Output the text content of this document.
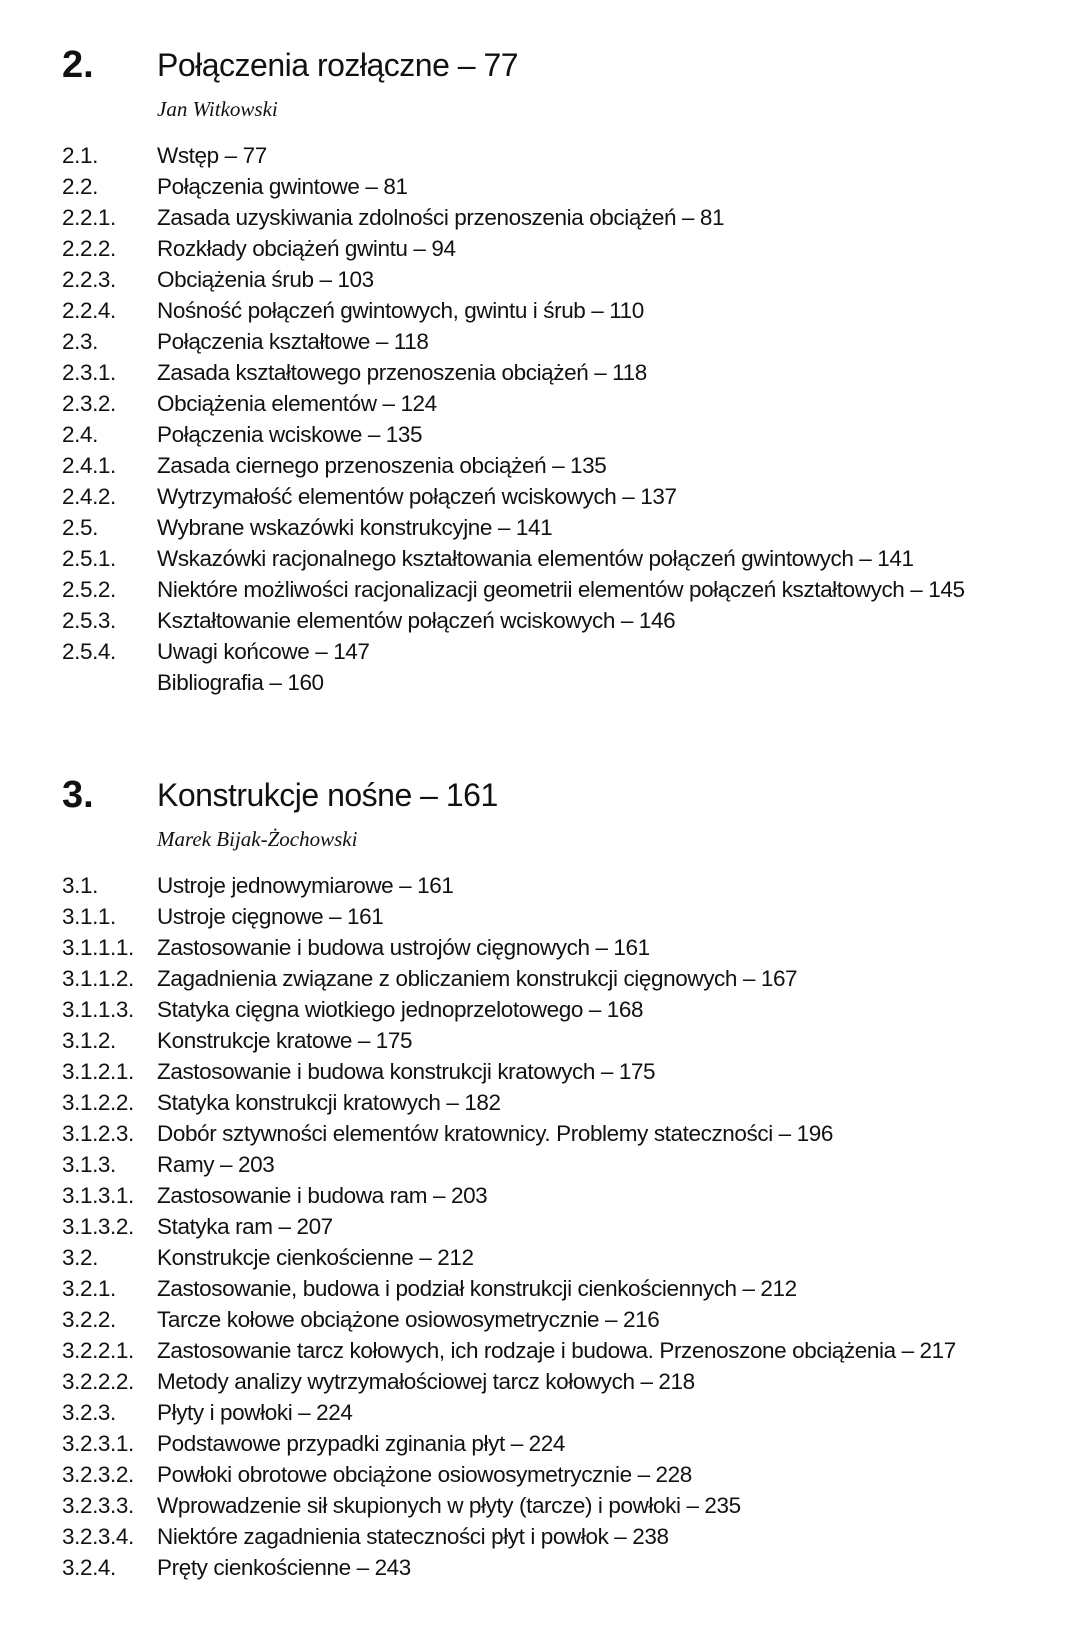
2. Połączenia rozłączne – 77
Jan Witkowski
2.1.	Wstęp – 77
2.2.	Połączenia gwintowe – 81
2.2.1.	Zasada uzyskiwania zdolności przenoszenia obciążeń – 81
2.2.2.	Rozkłady obciążeń gwintu – 94
2.2.3.	Obciążenia śrub – 103
2.2.4.	Nośność połączeń gwintowych, gwintu i śrub – 110
2.3.	Połączenia kształtowe – 118
2.3.1.	Zasada kształtowego przenoszenia obciążeń – 118
2.3.2.	Obciążenia elementów – 124
2.4.	Połączenia wciskowe – 135
2.4.1.	Zasada ciernego przenoszenia obciążeń – 135
2.4.2.	Wytrzymałość elementów połączeń wciskowych – 137
2.5.	Wybrane wskazówki konstrukcyjne – 141
2.5.1.	Wskazówki racjonalnego kształtowania elementów połączeń gwintowych – 141
2.5.2.	Niektóre możliwości racjonalizacji geometrii elementów połączeń kształtowych – 145
2.5.3.	Kształtowanie elementów połączeń wciskowych – 146
2.5.4.	Uwagi końcowe – 147
Bibliografia – 160
3. Konstrukcje nośne – 161
Marek Bijak-Żochowski
3.1.	Ustroje jednowymiarowe – 161
3.1.1.	Ustroje cięgnowe – 161
3.1.1.1.	Zastosowanie i budowa ustrojów cięgnowych – 161
3.1.1.2.	Zagadnienia związane z obliczaniem konstrukcji cięgnowych – 167
3.1.1.3.	Statyka cięgna wiotkiego jednoprzelotowego – 168
3.1.2.	Konstrukcje kratowe – 175
3.1.2.1.	Zastosowanie i budowa konstrukcji kratowych – 175
3.1.2.2.	Statyka konstrukcji kratowych – 182
3.1.2.3.	Dobór sztywności elementów kratownicy. Problemy stateczności – 196
3.1.3.	Ramy – 203
3.1.3.1.	Zastosowanie i budowa ram – 203
3.1.3.2.	Statyka ram – 207
3.2.	Konstrukcje cienkościenne – 212
3.2.1.	Zastosowanie, budowa i podział konstrukcji cienkościennych – 212
3.2.2.	Tarcze kołowe obciążone osiowosymetrycznie – 216
3.2.2.1.	Zastosowanie tarcz kołowych, ich rodzaje i budowa. Przenoszone obciążenia – 217
3.2.2.2.	Metody analizy wytrzymałościowej tarcz kołowych – 218
3.2.3.	Płyty i powłoki – 224
3.2.3.1.	Podstawowe przypadki zginania płyt – 224
3.2.3.2.	Powłoki obrotowe obciążone osiowosymetrycznie – 228
3.2.3.3.	Wprowadzenie sił skupionych w płyty (tarcze) i powłoki – 235
3.2.3.4.	Niektóre zagadnienia stateczności płyt i powłok – 238
3.2.4.	Pręty cienkościenne – 243
